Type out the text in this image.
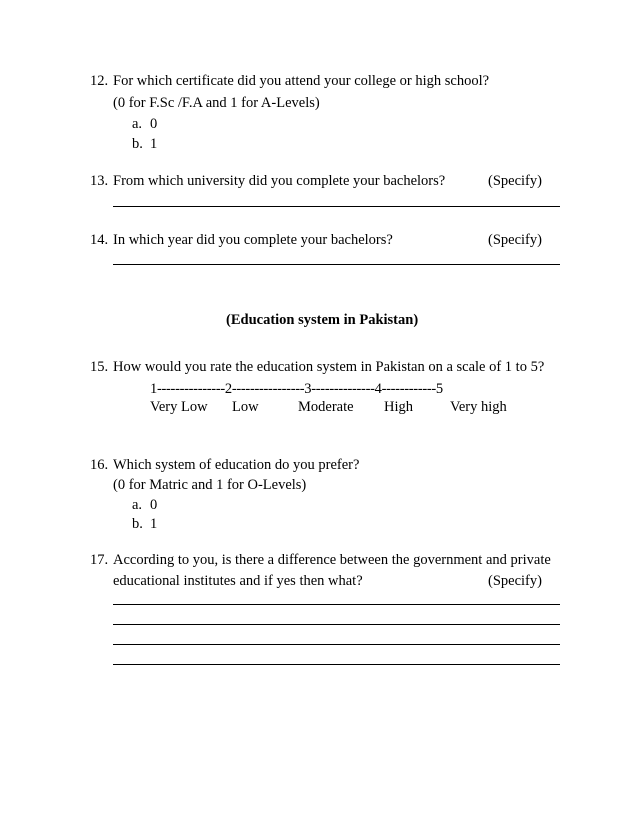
12. For which certificate did you attend your college or high school?
(0 for F.Sc /F.A and 1 for A-Levels)
a. 0
b. 1
13. From which university did you complete your bachelors?	(Specify)
14. In which year did you complete your bachelors?	(Specify)
(Education system in Pakistan)
15. How would you rate the education system in Pakistan on a scale of 1 to 5?
1---------------2----------------3--------------4------------5
Very Low Low	Moderate High	Very high
16. Which system of education do you prefer?
(0 for Matric and 1 for O-Levels)
a. 0
b. 1
17. According to you, is there a difference between the government and private
educational institutes and if yes then what?	(Specify)
